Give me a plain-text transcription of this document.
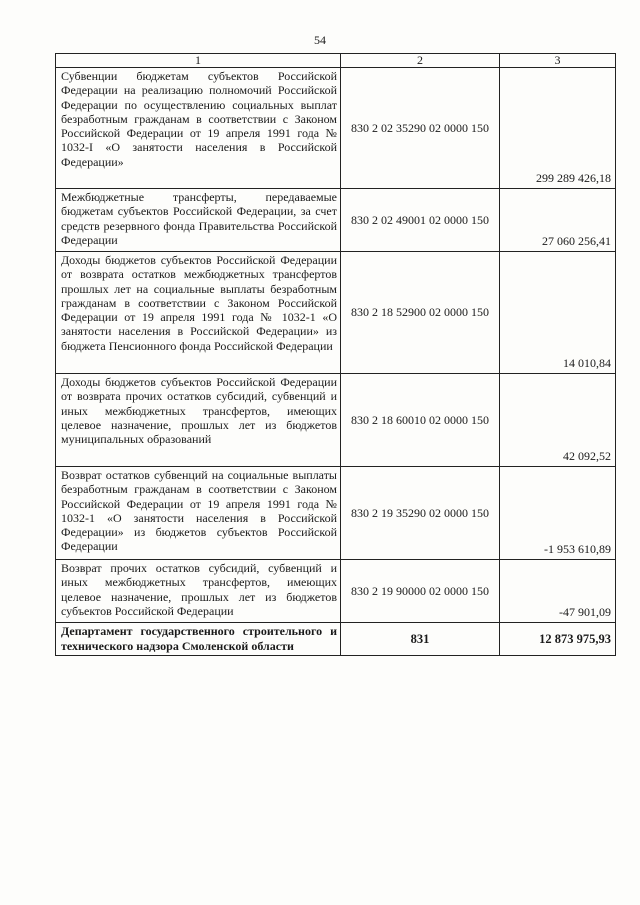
54
1	2	3
Субвенции бюджетам субъектов Российской Федерации на реализацию полномочий Российской Федерации по осуществлению социальных выплат безработным гражданам в соответствии с Законом Российской Федерации от 19 апреля 1991 года № 1032-I «О занятости населения в Российской Федерации»	830 2 02 35290 02 0000 150	299 289 426,18
Межбюджетные трансферты, передаваемые бюджетам субъектов Российской Федерации, за счет средств резервного фонда Правительства Российской Федерации	830 2 02 49001 02 0000 150	27 060 256,41
Доходы бюджетов субъектов Российской Федерации от возврата остатков межбюджетных трансфертов прошлых лет на социальные выплаты безработным гражданам в соответствии с Законом Российской Федерации от 19 апреля 1991 года № 1032-1 «О занятости населения в Российской Федерации» из бюджета Пенсионного фонда Российской Федерации	830 2 18 52900 02 0000 150	14 010,84
Доходы бюджетов субъектов Российской Федерации от возврата прочих остатков субсидий, субвенций и иных межбюджетных трансфертов, имеющих целевое назначение, прошлых лет из бюджетов муниципальных образований	830 2 18 60010 02 0000 150	42 092,52
Возврат остатков субвенций на социальные выплаты безработным гражданам в соответствии с Законом Российской Федерации от 19 апреля 1991 года № 1032-1 «О занятости населения в Российской Федерации» из бюджетов субъектов Российской Федерации	830 2 19 35290 02 0000 150	-1 953 610,89
Возврат прочих остатков субсидий, субвенций и иных межбюджетных трансфертов, имеющих целевое назначение, прошлых лет из бюджетов субъектов Российской Федерации	830 2 19 90000 02 0000 150	-47 901,09
Департамент государственного строительного и технического надзора Смоленской области	831	12 873 975,93
